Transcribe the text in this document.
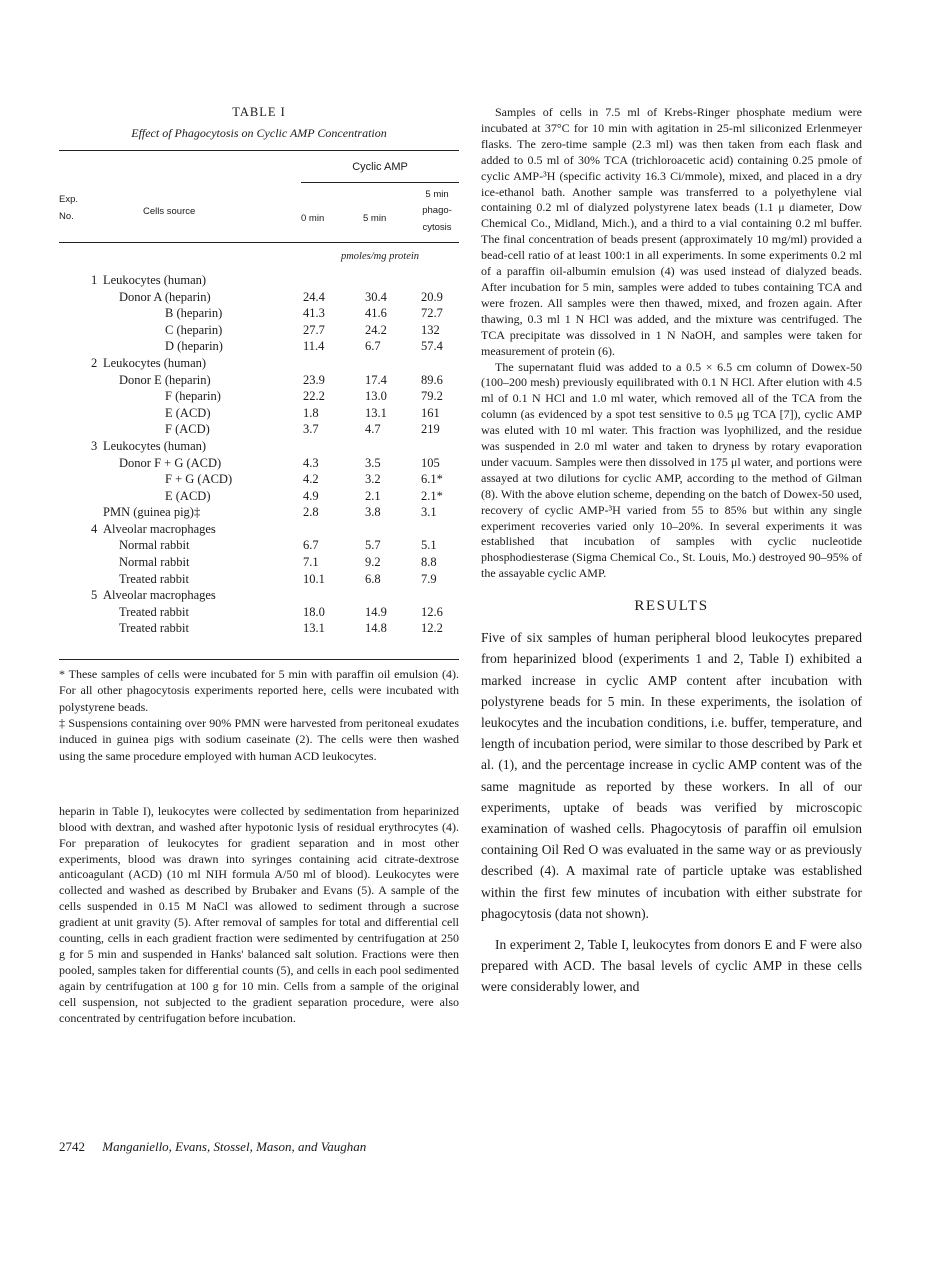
TABLE I

Effect of Phagocytosis on Cyclic AMP Concentration

		Cyclic AMP		
Exp.
No.	Cells source	0 min	5 min	5 min
phago-
cytosis
		pmoles/mg protein		
1	Leukocytes (human)			
	Donor A (heparin)	24.4	30.4	20.9
	B (heparin)	41.3	41.6	72.7
	C (heparin)	27.7	24.2	132
	D (heparin)	11.4	6.7	57.4
2	Leukocytes (human)			
	Donor E (heparin)	23.9	17.4	89.6
	F (heparin)	22.2	13.0	79.2
	E (ACD)	1.8	13.1	161
	F (ACD)	3.7	4.7	219
3	Leukocytes (human)			
	Donor F + G (ACD)	4.3	3.5	105
	F + G (ACD)	4.2	3.2	6.1*
	E (ACD)	4.9	2.1	2.1*
	PMN (guinea pig)‡	2.8	3.8	3.1
4	Alveolar macrophages			
	Normal rabbit	6.7	5.7	5.1
	Normal rabbit	7.1	9.2	8.8
	Treated rabbit	10.1	6.8	7.9
5	Alveolar macrophages			
	Treated rabbit	18.0	14.9	12.6
	Treated rabbit	13.1	14.8	12.2

* These samples of cells were incubated for 5 min with paraffin oil emulsion (4). For all other phagocytosis experiments reported here, cells were incubated with polystyrene beads.

‡ Suspensions containing over 90% PMN were harvested from peritoneal exudates induced in guinea pigs with sodium caseinate (2). The cells were then washed using the same procedure employed with human ACD leukocytes.

heparin in Table I), leukocytes were collected by sedimentation from heparinized blood with dextran, and washed after hypotonic lysis of residual erythrocytes (4). For preparation of leukocytes for gradient separation and in most other experiments, blood was drawn into syringes containing acid citrate-dextrose anticoagulant (ACD) (10 ml NIH formula A/50 ml of blood). Leukocytes were collected and washed as described by Brubaker and Evans (5). A sample of the cells suspended in 0.15 M NaCl was allowed to sediment through a sucrose gradient at unit gravity (5). After removal of samples for total and differential cell counting, cells in each gradient fraction were sedimented by centrifugation at 250 g for 5 min and suspended in Hanks' balanced salt solution. Fractions were then pooled, samples taken for differential counts (5), and cells in each pool sedimented again by centrifugation at 100 g for 10 min. Cells from a sample of the original cell suspension, not subjected to the gradient separation procedure, were also concentrated by centrifugation before incubation.

Samples of cells in 7.5 ml of Krebs-Ringer phosphate medium were incubated at 37°C for 10 min with agitation in 25-ml siliconized Erlenmeyer flasks. The zero-time sample (2.3 ml) was then taken from each flask and added to 0.5 ml of 30% TCA (trichloroacetic acid) containing 0.25 pmole of cyclic AMP-³H (specific activity 16.3 Ci/mmole), mixed, and placed in a dry ice-ethanol bath. Another sample was transferred to a polyethylene vial containing 0.2 ml of dialyzed polystyrene latex beads (1.1 μ diameter, Dow Chemical Co., Midland, Mich.), and a third to a vial containing 0.2 ml buffer. The final concentration of beads present (approximately 10 mg/ml) provided a bead-cell ratio of at least 100:1 in all experiments. In some experiments 0.2 ml of a paraffin oil-albumin emulsion (4) was used instead of dialyzed beads. After incubation for 5 min, samples were added to tubes containing TCA and were frozen. All samples were then thawed, mixed, and frozen again. After thawing, 0.3 ml 1 N HCl was added, and the mixture was centrifuged. The TCA precipitate was dissolved in 1 N NaOH, and samples were taken for measurement of protein (6).

The supernatant fluid was added to a 0.5 × 6.5 cm column of Dowex-50 (100–200 mesh) previously equilibrated with 0.1 N HCl. After elution with 4.5 ml of 0.1 N HCl and 1.0 ml water, which removed all of the TCA from the column (as evidenced by a spot test sensitive to 0.5 μg TCA [7]), cyclic AMP was eluted with 10 ml water. This fraction was lyophilized, and the residue was suspended in 2.0 ml water and taken to dryness by rotary evaporation under vacuum. Samples were then dissolved in 175 μl water, and portions were assayed at two dilutions for cyclic AMP, according to the method of Gilman (8). With the above elution scheme, depending on the batch of Dowex-50 used, recovery of cyclic AMP-³H varied from 55 to 85% but within any single experiment recoveries varied only 10–20%. In several experiments it was established that incubation of samples with cyclic nucleotide phosphodiesterase (Sigma Chemical Co., St. Louis, Mo.) destroyed 90–95% of the assayable cyclic AMP.

RESULTS

Five of six samples of human peripheral blood leukocytes prepared from heparinized blood (experiments 1 and 2, Table I) exhibited a marked increase in cyclic AMP content after incubation with polystyrene beads for 5 min. In these experiments, the isolation of leukocytes and the incubation conditions, i.e. buffer, temperature, and length of incubation period, were similar to those described by Park et al. (1), and the percentage increase in cyclic AMP content was of the same magnitude as reported by these workers. In all of our experiments, uptake of beads was verified by microscopic examination of washed cells. Phagocytosis of paraffin oil emulsion containing Oil Red O was evaluated in the same way or as previously described (4). A maximal rate of particle uptake was established within the first few minutes of incubation with either substrate for phagocytosis (data not shown).

In experiment 2, Table I, leukocytes from donors E and F were also prepared with ACD. The basal levels of cyclic AMP in these cells were considerably lower, and

2742 Manganiello, Evans, Stossel, Mason, and Vaughan
